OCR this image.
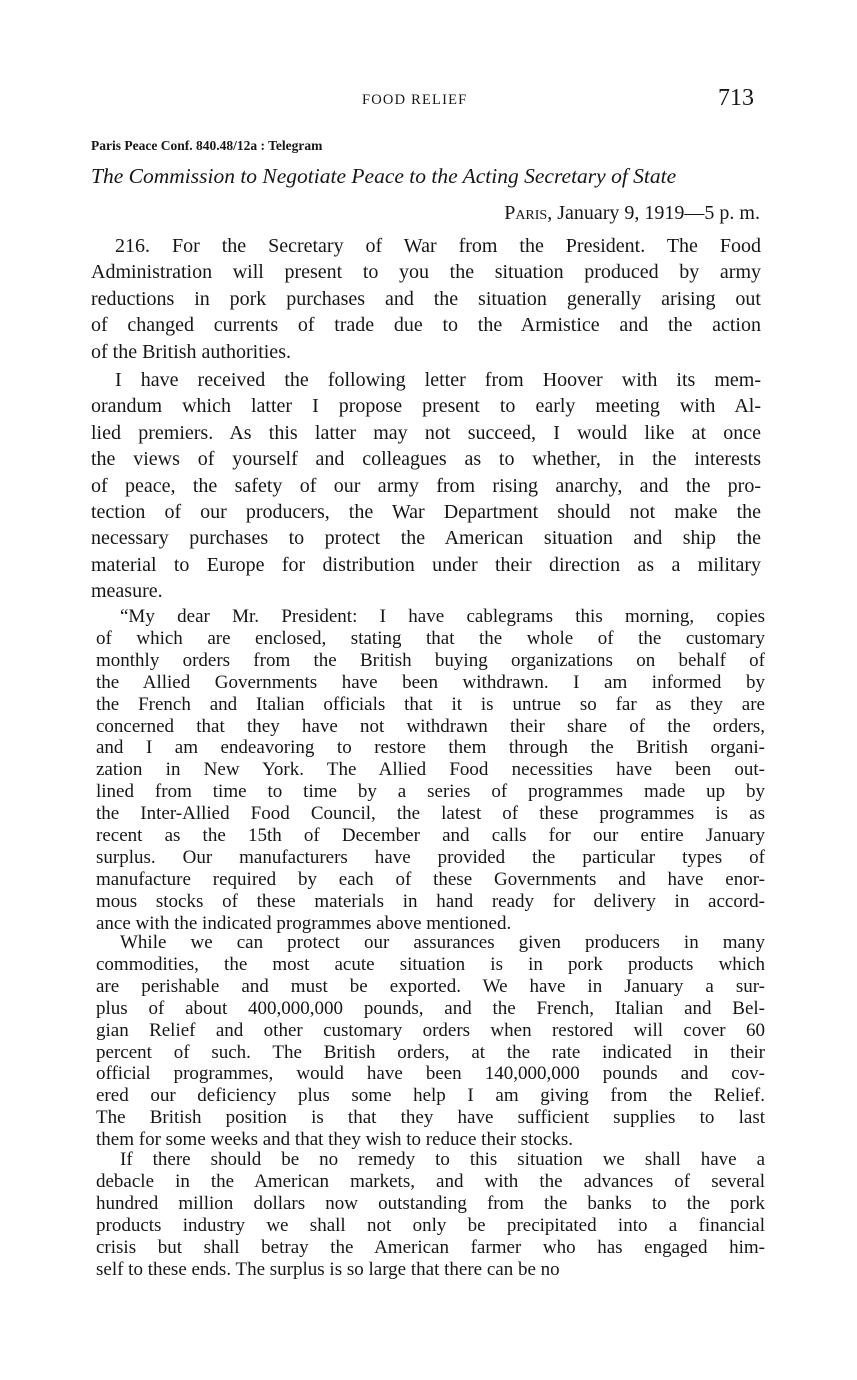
FOOD RELIEF	713
Paris Peace Conf. 840.48/12a : Telegram
The Commission to Negotiate Peace to the Acting Secretary of State
Paris, January 9, 1919—5 p. m.
216. For the Secretary of War from the President. The Food
Administration will present to you the situation produced by army
reductions in pork purchases and the situation generally arising out
of changed currents of trade due to the Armistice and the action
of the British authorities.
I have received the following letter from Hoover with its mem-
orandum which latter I propose present to early meeting with Al-
lied premiers. As this latter may not succeed, I would like at once
the views of yourself and colleagues as to whether, in the interests
of peace, the safety of our army from rising anarchy, and the pro-
tection of our producers, the War Department should not make the
necessary purchases to protect the American situation and ship the
material to Europe for distribution under their direction as a military
measure.
“My dear Mr. President: I have cablegrams this morning, copies
of which are enclosed, stating that the whole of the customary
monthly orders from the British buying organizations on behalf of
the Allied Governments have been withdrawn. I am informed by
the French and Italian officials that it is untrue so far as they are
concerned that they have not withdrawn their share of the orders,
and I am endeavoring to restore them through the British organi-
zation in New York. The Allied Food necessities have been out-
lined from time to time by a series of programmes made up by
the Inter-Allied Food Council, the latest of these programmes is as
recent as the 15th of December and calls for our entire January
surplus. Our manufacturers have provided the particular types of
manufacture required by each of these Governments and have enor-
mous stocks of these materials in hand ready for delivery in accord-
ance with the indicated programmes above mentioned.
While we can protect our assurances given producers in many
commodities, the most acute situation is in pork products which
are perishable and must be exported. We have in January a sur-
plus of about 400,000,000 pounds, and the French, Italian and Bel-
gian Relief and other customary orders when restored will cover 60
percent of such. The British orders, at the rate indicated in their
official programmes, would have been 140,000,000 pounds and cov-
ered our deficiency plus some help I am giving from the Relief.
The British position is that they have sufficient supplies to last
them for some weeks and that they wish to reduce their stocks.
If there should be no remedy to this situation we shall have a
debacle in the American markets, and with the advances of several
hundred million dollars now outstanding from the banks to the pork
products industry we shall not only be precipitated into a financial
crisis but shall betray the American farmer who has engaged him-
self to these ends. The surplus is so large that there can be no
